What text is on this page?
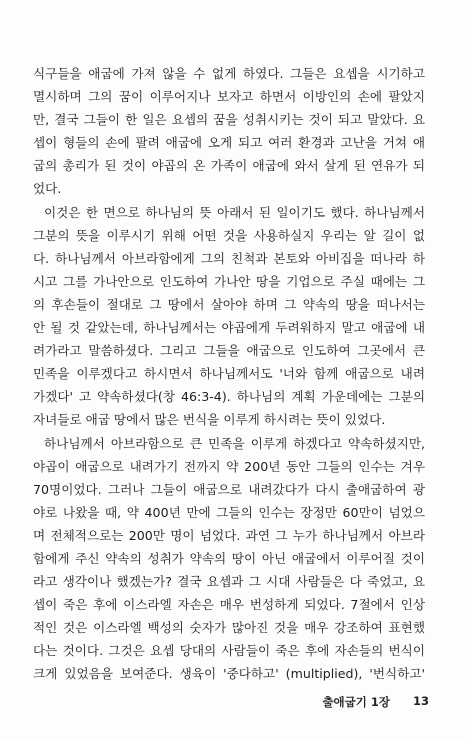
식구들을 애굽에 가져 않을 수 없게 하였다. 그들은 요셉을 시기하고
멸시하며 그의 꿈이 이루어지나 보자고 하면서 이방인의 손에 팔았지
만, 결국 그들이 한 일은 요셉의 꿈을 성취시키는 것이 되고 말았다. 요
셉이 형들의 손에 팔려 애굽에 오게 되고 여러 환경과 고난을 거쳐 애
굽의 총리가 된 것이 야곱의 온 가족이 애굽에 와서 살게 된 연유가 되
었다.
이것은 한 면으로 하나님의 뜻 아래서 된 일이기도 했다. 하나님께서
그분의 뜻을 이루시기 위해 어떤 것을 사용하실지 우리는 알 길이 없
다. 하나님께서 아브라함에게 그의 친척과 본토와 아비집을 떠나라 하
시고 그를 가나안으로 인도하여 가나안 땅을 기업으로 주실 때에는 그
의 후손들이 절대로 그 땅에서 살아야 하며 그 약속의 땅을 떠나서는
안 될 것 같았는데, 하나님께서는 야곱에게 두려워하지 말고 애굽에 내
려가라고 말씀하셨다. 그리고 그들을 애굽으로 인도하여 그곳에서 큰
민족을 이루겠다고 하시면서 하나님께서도 '너와 함께 애굽으로 내려
가겠다' 고 약속하셨다(창 46:3-4). 하나님의 계획 가운데에는 그분의
자녀들로 애굽 땅에서 많은 번식을 이루게 하시려는 뜻이 있었다.
하나님께서 아브라함으로 큰 민족을 이루게 하겠다고 약속하셨지만,
야곱이 애굽으로 내려가기 전까지 약 200년 동안 그들의 인수는 겨우
70명이었다. 그러나 그들이 애굽으로 내려갔다가 다시 출애굽하여 광
야로 나왔을 때, 약 400년 만에 그들의 인수는 장정만 60만이 넘었으
며 전체적으로는 200만 명이 넘었다. 과연 그 누가 하나님께서 아브라
함에게 주신 약속의 성취가 약속의 땅이 아닌 애굽에서 이루어질 것이
라고 생각이나 했겠는가? 결국 요셉과 그 시대 사람들은 다 죽었고, 요
셉이 죽은 후에 이스라엘 자손은 매우 번성하게 되었다. 7절에서 인상
적인 것은 이스라엘 백성의 숫자가 많아진 것을 매우 강조하여 표현했
다는 것이다. 그것은 요셉 당대의 사람들이 죽은 후에 자손들의 번식이
크게 있었음을 보여준다. 생육이 '중다하고' (multiplied), '번식하고'
출애굽기 1장 13
